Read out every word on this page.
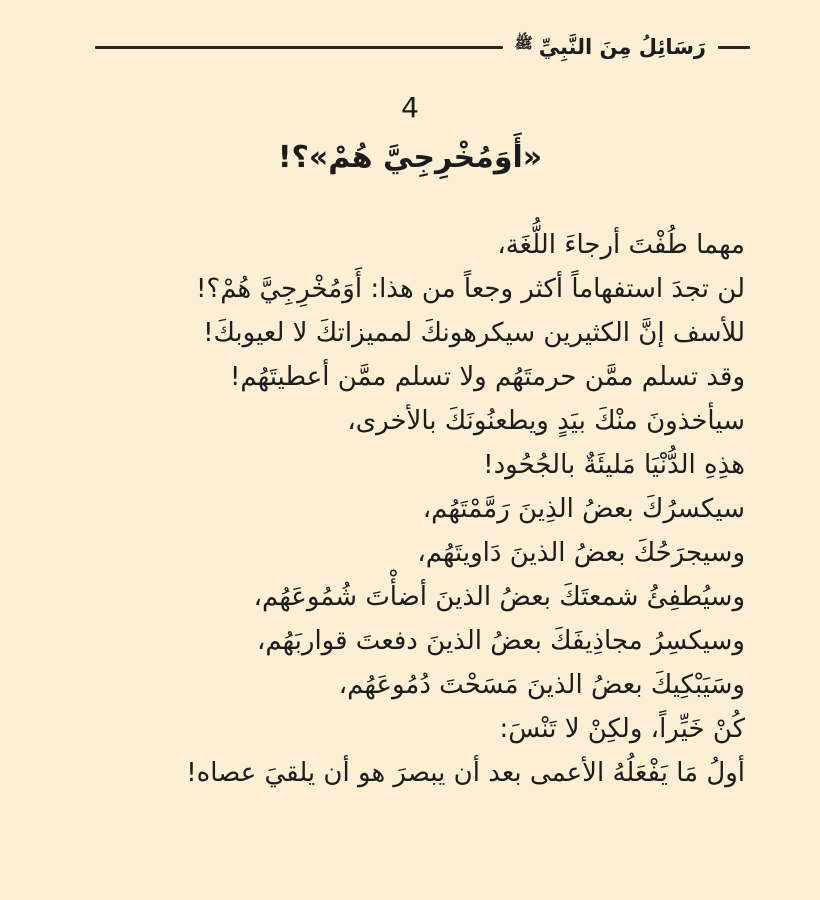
رَسَائِلُ مِنَ النَّبِيِّ
ﷺ
4
«أَوَمُخْرِجِيَّ هُمْ»؟!

مهما طُفْتَ أرجاءَ اللُّغَة،

لن تجدَ استفهاماً أكثر وجعاً من هذا: أَوَمُخْرِجِيَّ هُمْ؟!

للأسف إنَّ الكثيرين سيكرهونكَ لمميزاتكَ لا لعيوبكَ!

وقد تسلم ممَّن حرمتَهُم ولا تسلم ممَّن أعطيتَهُم!

سيأخذونَ منْكَ بيَدٍ ويطعنُونَكَ بالأخرى،

هذِهِ الدُّنْيَا مَليئَةٌ بالجُحُود!

سيكسرُكَ بعضُ الذِينَ رَمَّمْتَهُم،

وسيجرَحُكَ بعضُ الذينَ دَاويتَهُم،

وسيُطفِئُ شمعتَكَ بعضُ الذينَ أضأْتَ شُمُوعَهُم،

وسيكسِرُ مجاذِيفَكَ بعضُ الذينَ دفعتَ قواربَهُم،

وسَيَبْكِيكَ بعضُ الذينَ مَسَحْتَ دُمُوعَهُم،

كُنْ خَيِّراً، ولكِنْ لا تَنْسَ:

أولُ مَا يَفْعَلُهُ الأعمى بعد أن يبصرَ هو أن يلقيَ عصاه!
